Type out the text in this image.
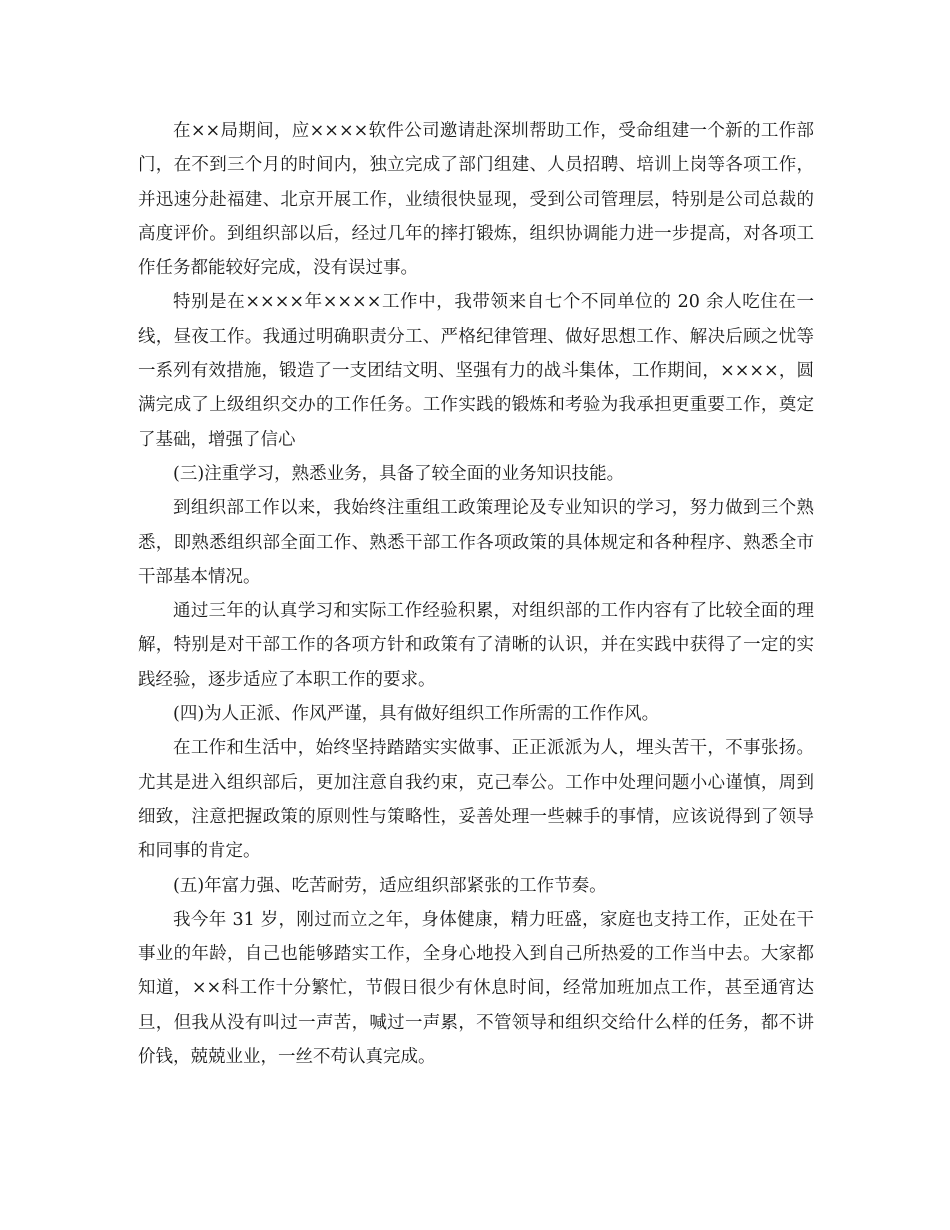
在××局期间，应××××软件公司邀请赴深圳帮助工作，受命组建一个新的工作部门，在不到三个月的时间内，独立完成了部门组建、人员招聘、培训上岗等各项工作，并迅速分赴福建、北京开展工作，业绩很快显现，受到公司管理层，特别是公司总裁的高度评价。到组织部以后，经过几年的摔打锻炼，组织协调能力进一步提高，对各项工作任务都能较好完成，没有误过事。

特别是在××××年××××工作中，我带领来自七个不同单位的 20 余人吃住在一线，昼夜工作。我通过明确职责分工、严格纪律管理、做好思想工作、解决后顾之忧等一系列有效措施，锻造了一支团结文明、坚强有力的战斗集体，工作期间，××××，圆满完成了上级组织交办的工作任务。工作实践的锻炼和考验为我承担更重要工作，奠定了基础，增强了信心

(三)注重学习，熟悉业务，具备了较全面的业务知识技能。

到组织部工作以来，我始终注重组工政策理论及专业知识的学习，努力做到三个熟悉，即熟悉组织部全面工作、熟悉干部工作各项政策的具体规定和各种程序、熟悉全市干部基本情况。

通过三年的认真学习和实际工作经验积累，对组织部的工作内容有了比较全面的理解，特别是对干部工作的各项方针和政策有了清晰的认识，并在实践中获得了一定的实践经验，逐步适应了本职工作的要求。

(四)为人正派、作风严谨，具有做好组织工作所需的工作作风。

在工作和生活中，始终坚持踏踏实实做事、正正派派为人，埋头苦干，不事张扬。尤其是进入组织部后，更加注意自我约束，克己奉公。工作中处理问题小心谨慎，周到细致，注意把握政策的原则性与策略性，妥善处理一些棘手的事情，应该说得到了领导和同事的肯定。

(五)年富力强、吃苦耐劳，适应组织部紧张的工作节奏。

我今年 31 岁，刚过而立之年，身体健康，精力旺盛，家庭也支持工作，正处在干事业的年龄，自己也能够踏实工作，全身心地投入到自己所热爱的工作当中去。大家都知道，××科工作十分繁忙，节假日很少有休息时间，经常加班加点工作，甚至通宵达旦，但我从没有叫过一声苦，喊过一声累，不管领导和组织交给什么样的任务，都不讲价钱，兢兢业业，一丝不苟认真完成。
